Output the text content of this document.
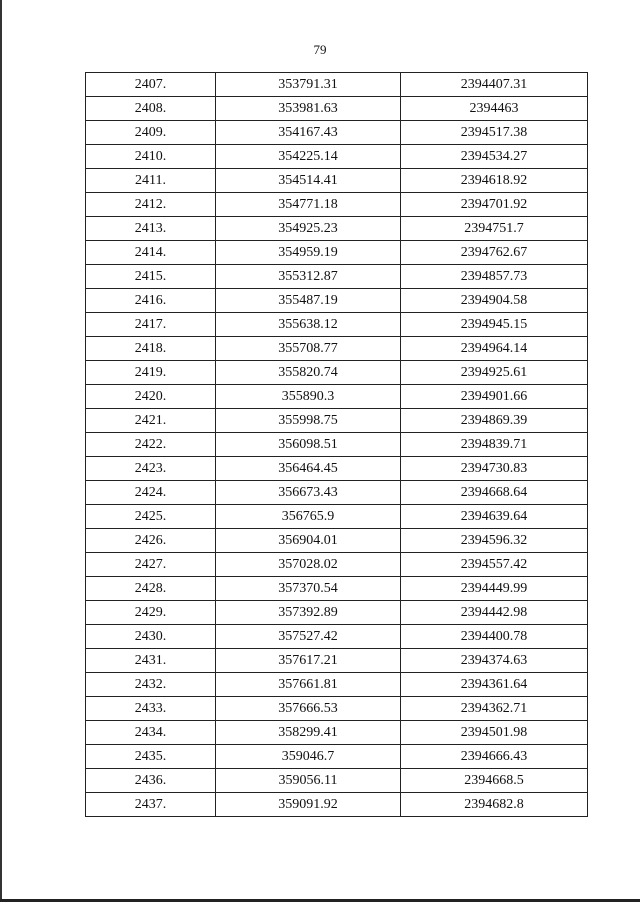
79
2407.	353791.31	2394407.31
2408.	353981.63	2394463
2409.	354167.43	2394517.38
2410.	354225.14	2394534.27
2411.	354514.41	2394618.92
2412.	354771.18	2394701.92
2413.	354925.23	2394751.7
2414.	354959.19	2394762.67
2415.	355312.87	2394857.73
2416.	355487.19	2394904.58
2417.	355638.12	2394945.15
2418.	355708.77	2394964.14
2419.	355820.74	2394925.61
2420.	355890.3	2394901.66
2421.	355998.75	2394869.39
2422.	356098.51	2394839.71
2423.	356464.45	2394730.83
2424.	356673.43	2394668.64
2425.	356765.9	2394639.64
2426.	356904.01	2394596.32
2427.	357028.02	2394557.42
2428.	357370.54	2394449.99
2429.	357392.89	2394442.98
2430.	357527.42	2394400.78
2431.	357617.21	2394374.63
2432.	357661.81	2394361.64
2433.	357666.53	2394362.71
2434.	358299.41	2394501.98
2435.	359046.7	2394666.43
2436.	359056.11	2394668.5
2437.	359091.92	2394682.8
